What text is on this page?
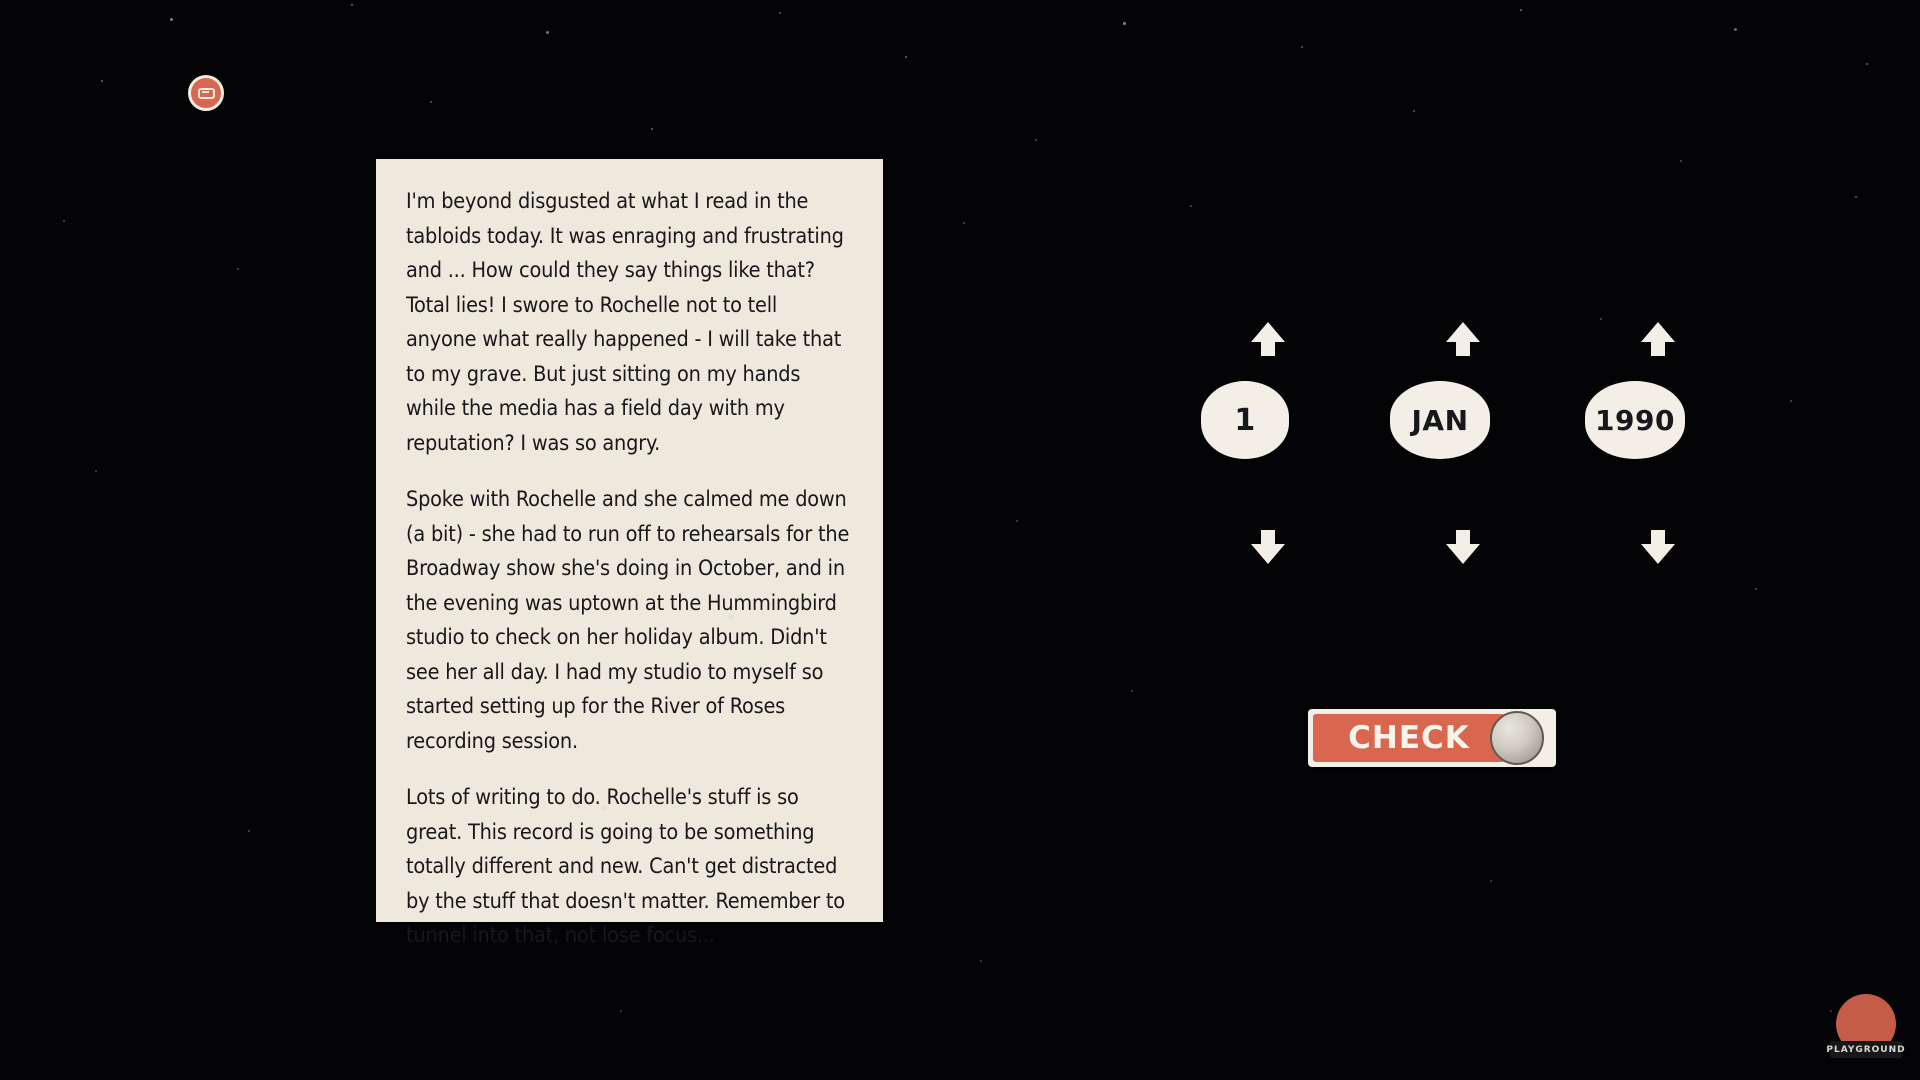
I'm beyond disgusted at what I read in the tabloids today. It was enraging and frustrating and ... How could they say things like that? Total lies! I swore to Rochelle not to tell anyone what really happened - I will take that to my grave. But just sitting on my hands while the media has a field day with my reputation? I was so angry.

Spoke with Rochelle and she calmed me down (a bit) - she had to run off to rehearsals for the Broadway show she's doing in October, and in the evening was uptown at the Hummingbird studio to check on her holiday album. Didn't see her all day. I had my studio to myself so started setting up for the River of Roses recording session.

Lots of writing to do. Rochelle's stuff is so great. This record is going to be something totally different and new. Can't get distracted by the stuff that doesn't matter. Remember to tunnel into that, not lose focus...

1	JAN	1990
CHECK
PLAYGROUND
